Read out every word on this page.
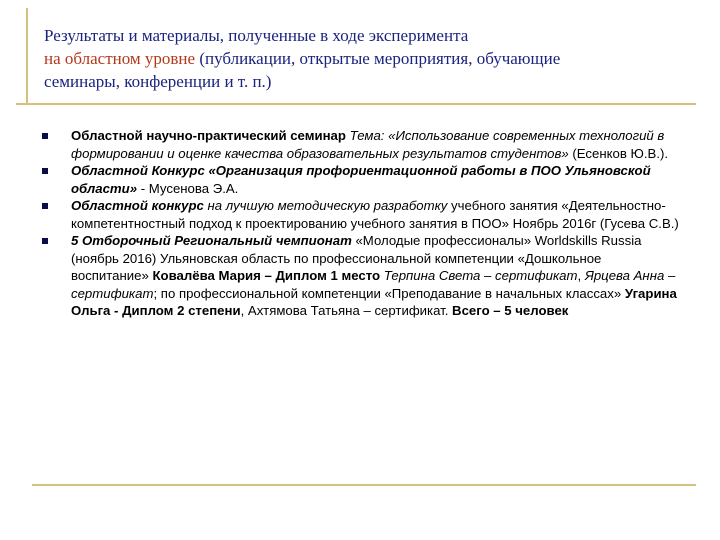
Результаты и материалы, полученные в ходе эксперимента
на областном уровне (публикации, открытые мероприятия, обучающие
семинары, конференции и т. п.)
Областной научно-практический семинар Тема: «Использование современных технологий в формировании и оценке качества образовательных результатов студентов» (Есенков Ю.В.).
Областной Конкурс «Организация профориентационной работы в ПОО Ульяновской области» - Мусенова Э.А.
Областной конкурс на лучшую методическую разработку учебного занятия «Деятельностно-компетентностный подход к проектированию учебного занятия в ПОО» Ноябрь 2016г (Гусева С.В.)
5 Отборочный Региональный чемпионат «Молодые профессионалы» Worldskills Russia (ноябрь 2016) Ульяновская область по профессиональной компетенции «Дошкольное воспитание» Ковалёва Мария – Диплом 1 место Терпина Света – сертификат, Ярцева Анна – сертификат; по профессиональной компетенции «Преподавание в начальных классах» Угарина Ольга - Диплом 2 степени, Ахтямова Татьяна – сертификат. Всего – 5 человек
